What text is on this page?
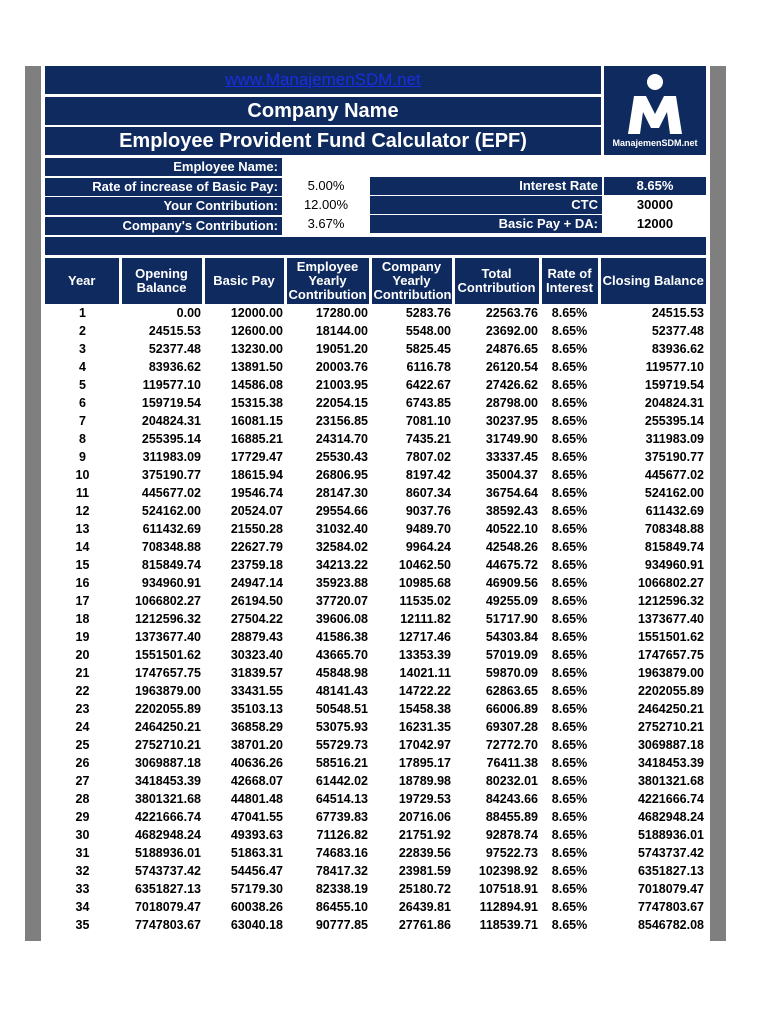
www.ManajemenSDM.net
Company Name
Employee Provident Fund Calculator (EPF)	ManajemenSDM.net
Employee Name:
Rate of increase of Basic Pay:	5.00%
Your Contribution:	12.00%
Company's Contribution:	3.67%
Interest Rate	8.65%
CTC	30000
Basic Pay + DA:	12000
Year	Opening Balance	Basic Pay	Employee Yearly Contribution	Company Yearly Contribution	Total Contribution	Rate of Interest	Closing Balance
1	0.00	12000.00	17280.00	5283.76	22563.76	8.65%	24515.53
2	24515.53	12600.00	18144.00	5548.00	23692.00	8.65%	52377.48
3	52377.48	13230.00	19051.20	5825.45	24876.65	8.65%	83936.62
4	83936.62	13891.50	20003.76	6116.78	26120.54	8.65%	119577.10
5	119577.10	14586.08	21003.95	6422.67	27426.62	8.65%	159719.54
6	159719.54	15315.38	22054.15	6743.85	28798.00	8.65%	204824.31
7	204824.31	16081.15	23156.85	7081.10	30237.95	8.65%	255395.14
8	255395.14	16885.21	24314.70	7435.21	31749.90	8.65%	311983.09
9	311983.09	17729.47	25530.43	7807.02	33337.45	8.65%	375190.77
10	375190.77	18615.94	26806.95	8197.42	35004.37	8.65%	445677.02
11	445677.02	19546.74	28147.30	8607.34	36754.64	8.65%	524162.00
12	524162.00	20524.07	29554.66	9037.76	38592.43	8.65%	611432.69
13	611432.69	21550.28	31032.40	9489.70	40522.10	8.65%	708348.88
14	708348.88	22627.79	32584.02	9964.24	42548.26	8.65%	815849.74
15	815849.74	23759.18	34213.22	10462.50	44675.72	8.65%	934960.91
16	934960.91	24947.14	35923.88	10985.68	46909.56	8.65%	1066802.27
17	1066802.27	26194.50	37720.07	11535.02	49255.09	8.65%	1212596.32
18	1212596.32	27504.22	39606.08	12111.82	51717.90	8.65%	1373677.40
19	1373677.40	28879.43	41586.38	12717.46	54303.84	8.65%	1551501.62
20	1551501.62	30323.40	43665.70	13353.39	57019.09	8.65%	1747657.75
21	1747657.75	31839.57	45848.98	14021.11	59870.09	8.65%	1963879.00
22	1963879.00	33431.55	48141.43	14722.22	62863.65	8.65%	2202055.89
23	2202055.89	35103.13	50548.51	15458.38	66006.89	8.65%	2464250.21
24	2464250.21	36858.29	53075.93	16231.35	69307.28	8.65%	2752710.21
25	2752710.21	38701.20	55729.73	17042.97	72772.70	8.65%	3069887.18
26	3069887.18	40636.26	58516.21	17895.17	76411.38	8.65%	3418453.39
27	3418453.39	42668.07	61442.02	18789.98	80232.01	8.65%	3801321.68
28	3801321.68	44801.48	64514.13	19729.53	84243.66	8.65%	4221666.74
29	4221666.74	47041.55	67739.83	20716.06	88455.89	8.65%	4682948.24
30	4682948.24	49393.63	71126.82	21751.92	92878.74	8.65%	5188936.01
31	5188936.01	51863.31	74683.16	22839.56	97522.73	8.65%	5743737.42
32	5743737.42	54456.47	78417.32	23981.59	102398.92	8.65%	6351827.13
33	6351827.13	57179.30	82338.19	25180.72	107518.91	8.65%	7018079.47
34	7018079.47	60038.26	86455.10	26439.81	112894.91	8.65%	7747803.67
35	7747803.67	63040.18	90777.85	27761.86	118539.71	8.65%	8546782.08
